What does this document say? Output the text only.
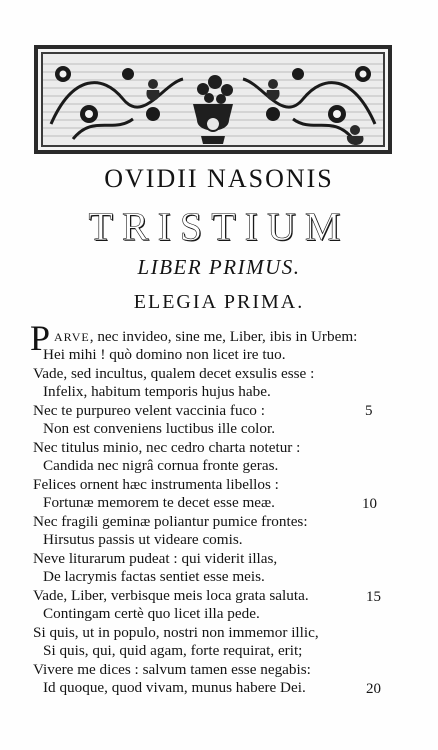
OVIDII NASONIS
TRISTIUM
LIBER PRIMUS.
ELEGIA PRIMA.
P ARVE, nec invideo, sine me, Liber, ibis in Urbem:
Hei mihi ! quò domino non licet ire tuo.
Vade, sed incultus, qualem decet exsulis esse :
Infelix, habitum temporis hujus habe.
Nec te purpureo velent vaccinia fuco :
Non est conveniens luctibus ille color.
Nec titulus minio, nec cedro charta notetur :
Candida nec nigrâ cornua fronte geras.
Felices ornent hæc instrumenta libellos :
Fortunæ memorem te decet esse meæ.
Nec fragili geminæ poliantur pumice frontes:
Hirsutus passis ut videare comis.
Neve liturarum pudeat : qui viderit illas,
De lacrymis factas sentiet esse meis.
Vade, Liber, verbisque meis loca grata saluta.
Contingam certè quo licet illa pede.
Si quis, ut in populo, nostri non immemor illic,
Si quis, qui, quid agam, forte requirat, erit;
Vivere me dices : salvum tamen esse negabis:
Id quoque, quod vivam, munus habere Dei.
5
10
15
20
